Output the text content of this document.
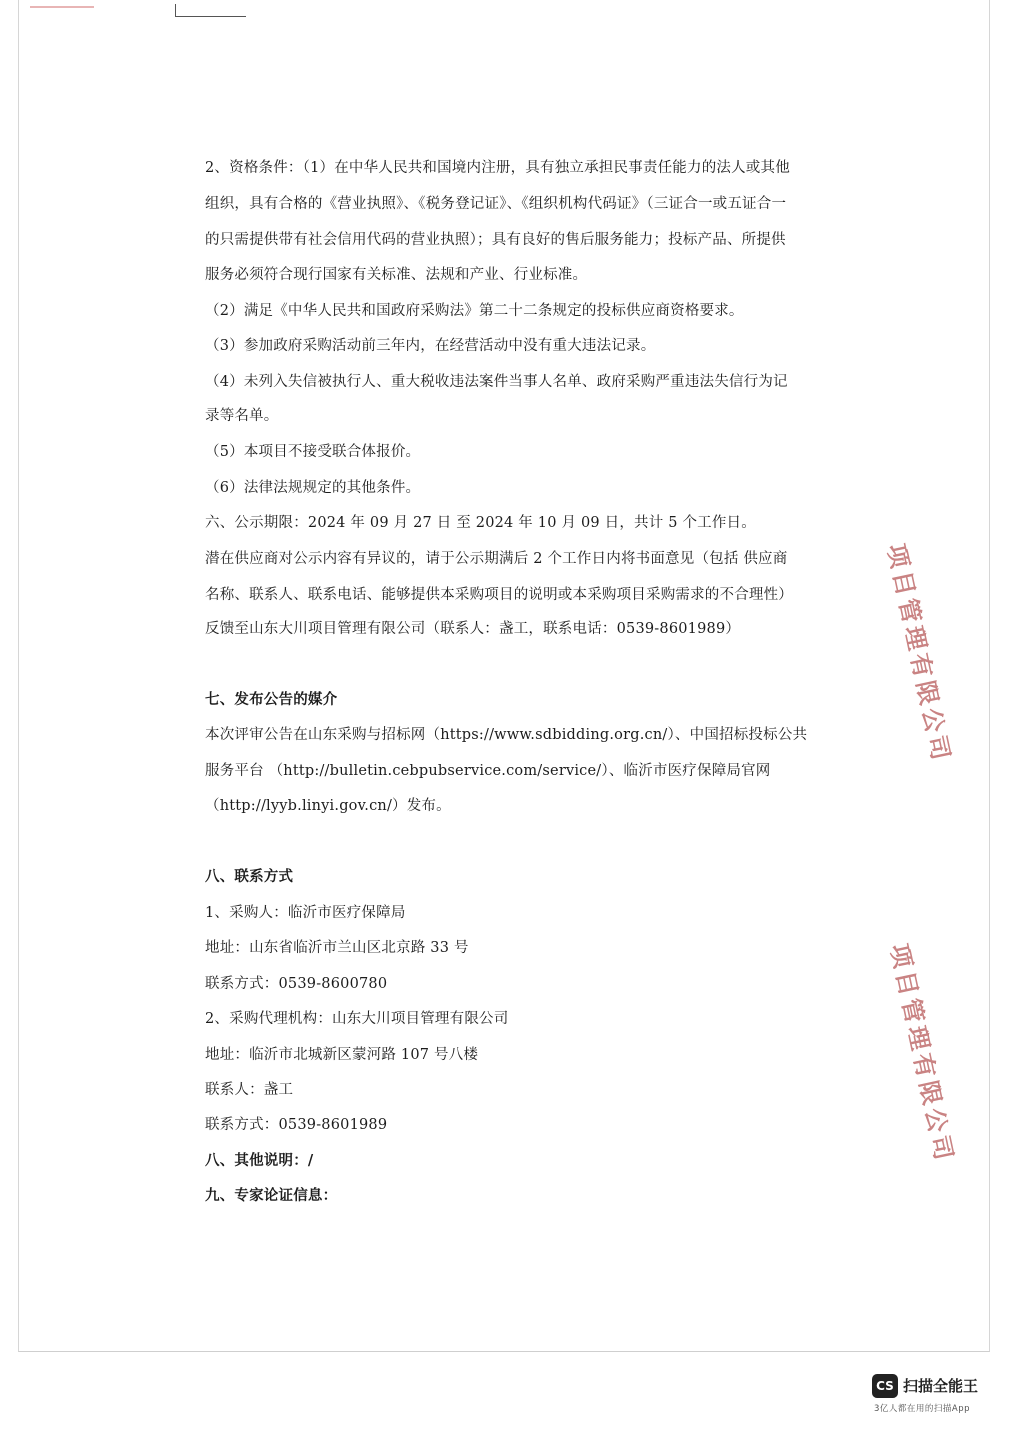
2、资格条件：（1）在中华人民共和国境内注册，具有独立承担民事责任能力的法人或其他
组织，具有合格的《营业执照》、《税务登记证》、《组织机构代码证》（三证合一或五证合一
的只需提供带有社会信用代码的营业执照）；具有良好的售后服务能力；投标产品、所提供
服务必须符合现行国家有关标准、法规和产业、行业标准。
（2）满足《中华人民共和国政府采购法》第二十二条规定的投标供应商资格要求。
（3）参加政府采购活动前三年内，在经营活动中没有重大违法记录。
（4）未列入失信被执行人、重大税收违法案件当事人名单、政府采购严重违法失信行为记
录等名单。
（5）本项目不接受联合体报价。
（6）法律法规规定的其他条件。
六、公示期限：2024 年 09 月 27 日 至 2024 年 10 月 09 日，共计 5 个工作日。
潜在供应商对公示内容有异议的，请于公示期满后 2 个工作日内将书面意见（包括 供应商
名称、联系人、联系电话、能够提供本采购项目的说明或本采购项目采购需求的不合理性）
反馈至山东大川项目管理有限公司（联系人：盏工，联系电话：0539-8601989）
七、发布公告的媒介
本次评审公告在山东采购与招标网（https://www.sdbidding.org.cn/）、中国招标投标公共
服务平台 （http://bulletin.cebpubservice.com/service/）、临沂市医疗保障局官网
（http://lyyb.linyi.gov.cn/）发布。
八、联系方式
1、采购人：临沂市医疗保障局
地址：山东省临沂市兰山区北京路 33 号
联系方式：0539-8600780
2、采购代理机构：山东大川项目管理有限公司
地址：临沂市北城新区蒙河路 107 号八楼
联系人：盏工
联系方式：0539-8601989
八、其他说明：/
九、专家论证信息：
项目管理有限公司
项目管理有限公司
CS 扫描全能王
3亿人都在用的扫描App
